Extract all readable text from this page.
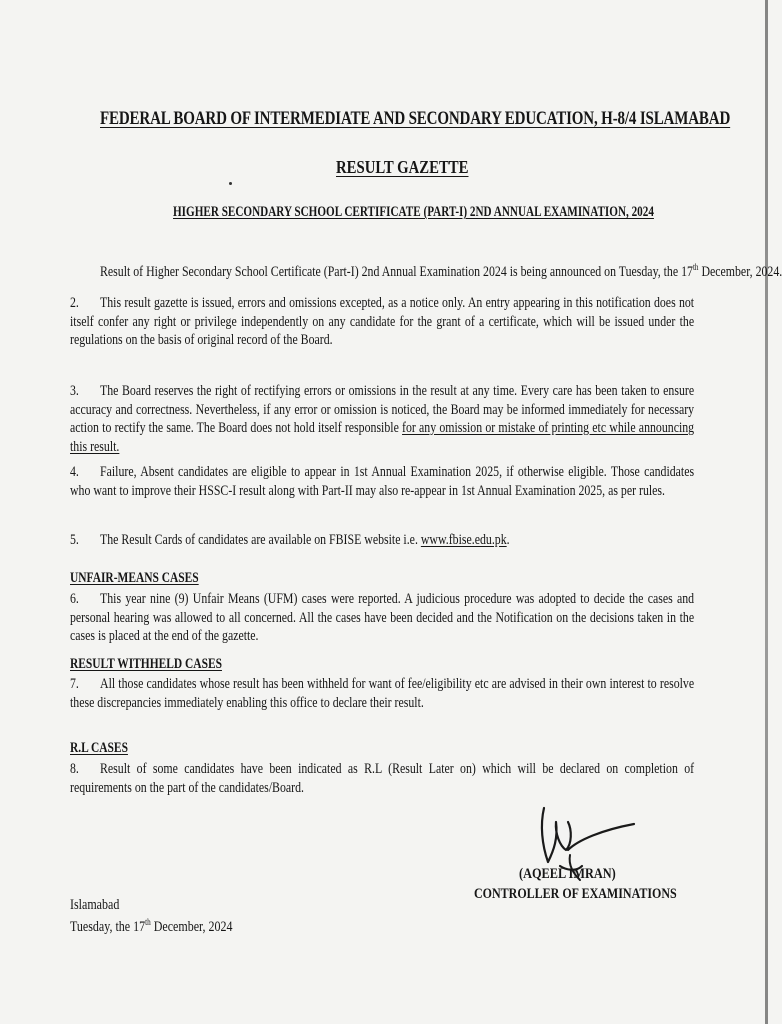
FEDERAL BOARD OF INTERMEDIATE AND SECONDARY EDUCATION, H-8/4 ISLAMABAD
RESULT GAZETTE
HIGHER SECONDARY SCHOOL CERTIFICATE (PART-I) 2ND ANNUAL EXAMINATION, 2024
Result of Higher Secondary School Certificate (Part-I) 2nd Annual Examination 2024 is being announced on Tuesday, the 17th December, 2024.
2. This result gazette is issued, errors and omissions excepted, as a notice only. An entry appearing in this notification does not itself confer any right or privilege independently on any candidate for the grant of a certificate, which will be issued under the regulations on the basis of original record of the Board.
3. The Board reserves the right of rectifying errors or omissions in the result at any time. Every care has been taken to ensure accuracy and correctness. Nevertheless, if any error or omission is noticed, the Board may be informed immediately for necessary action to rectify the same. The Board does not hold itself responsible for any omission or mistake of printing etc while announcing this result.
4. Failure, Absent candidates are eligible to appear in 1st Annual Examination 2025, if otherwise eligible. Those candidates who want to improve their HSSC-I result along with Part-II may also re-appear in 1st Annual Examination 2025, as per rules.
5. The Result Cards of candidates are available on FBISE website i.e. www.fbise.edu.pk.
UNFAIR-MEANS CASES
6. This year nine (9) Unfair Means (UFM) cases were reported. A judicious procedure was adopted to decide the cases and personal hearing was allowed to all concerned. All the cases have been decided and the Notification on the decisions taken in the cases is placed at the end of the gazette.
RESULT WITHHELD CASES
7. All those candidates whose result has been withheld for want of fee/eligibility etc are advised in their own interest to resolve these discrepancies immediately enabling this office to declare their result.
R.L CASES
8. Result of some candidates have been indicated as R.L (Result Later on) which will be declared on completion of requirements on the part of the candidates/Board.
(AQEEL IMRAN)
CONTROLLER OF EXAMINATIONS
Islamabad
Tuesday, the 17th December, 2024
